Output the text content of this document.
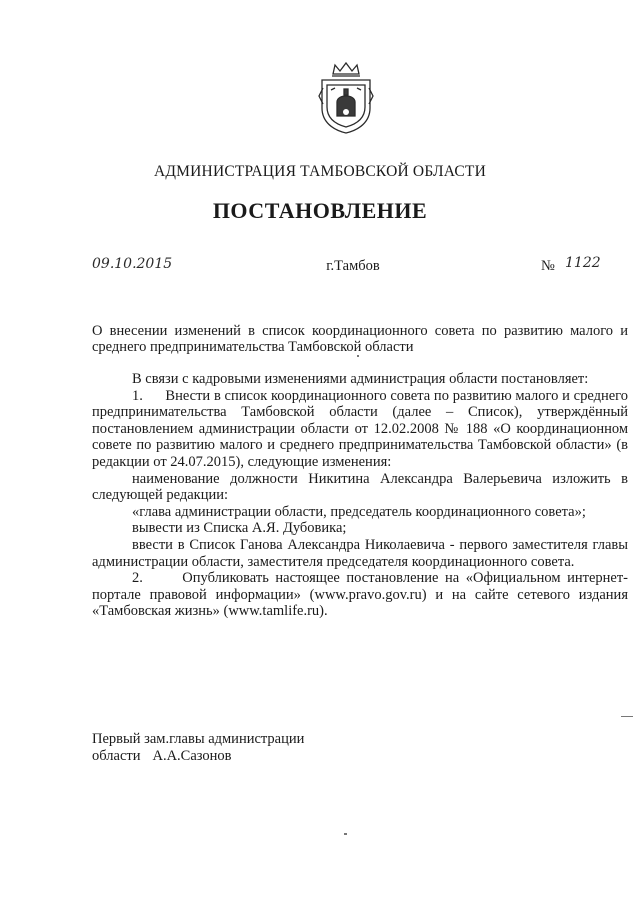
АДМИНИСТРАЦИЯ ТАМБОВСКОЙ ОБЛАСТИ
ПОСТАНОВЛЕНИЕ
09.10.2015	г.Тамбов	№ 1122
О внесении изменений в список координационного совета по развитию малого и среднего предпринимательства Тамбовской области

В связи с кадровыми изменениями администрация области постановляет:

1.      Внести в список координационного совета по развитию малого и среднего предпринимательства Тамбовской области (далее – Список), утверждённый постановлением администрации области от 12.02.2008 № 188 «О координационном совете по развитию малого и среднего предпринимательства Тамбовской области» (в редакции от 24.07.2015), следующие изменения:

наименование должности Никитина Александра Валерьевича изложить в следующей редакции:

«глава администрации области, председатель координационного совета»;

вывести из Списка А.Я. Дубовика;

ввести в Список Ганова Александра Николаевича - первого заместителя главы администрации области, заместителя председателя координационного совета.

2.      Опубликовать настоящее постановление на «Официальном интернет-портале правовой информации» (www.pravo.gov.ru) и на сайте сетевого издания «Тамбовская жизнь» (www.tamlife.ru).

Первый зам.главы администрации
области А.А.Сазонов
